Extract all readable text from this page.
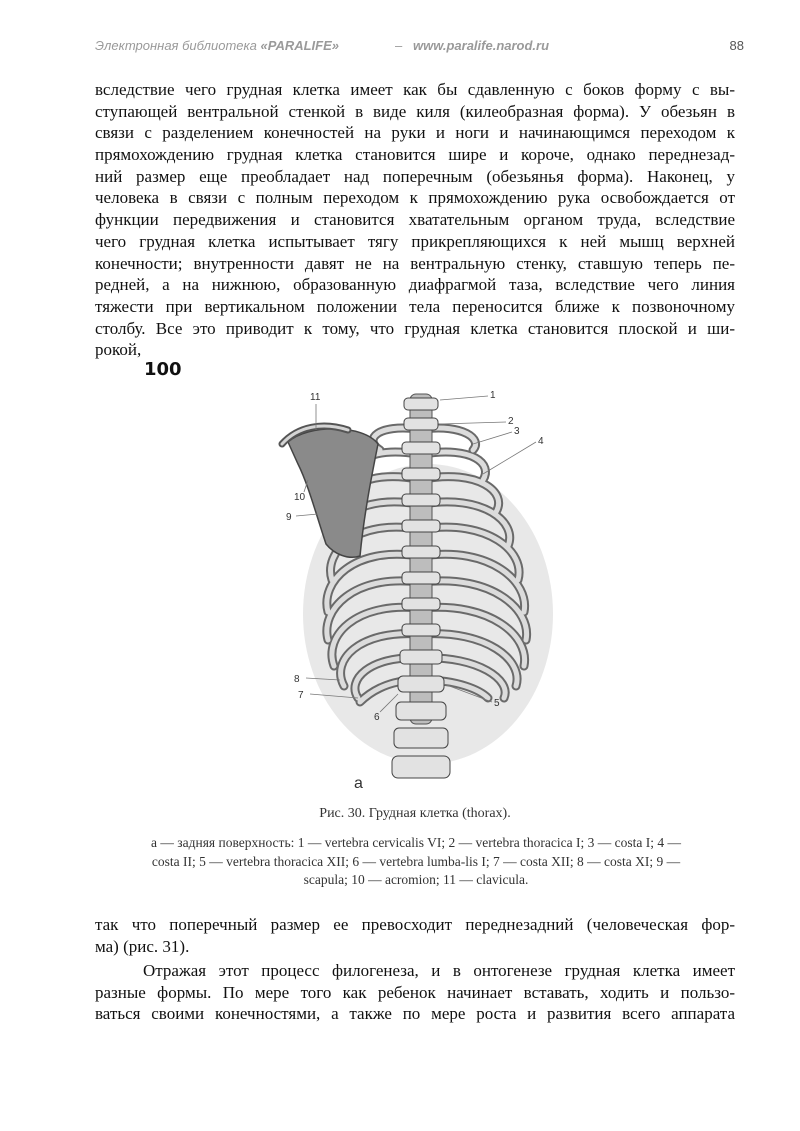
Электронная библиотека «PARALIFE»	– www.paralife.narod.ru	88
вследствие чего грудная клетка имеет как бы сдавленную с боков форму с вы-
ступающей вентральной стенкой в виде киля (килеобразная форма). У обезьян в
связи с разделением конечностей на руки и ноги и начинающимся переходом к
прямохождению грудная клетка становится шире и короче, однако переднезад-
ний размер еще преобладает над поперечным (обезьянья форма). Наконец, у
человека в связи с полным переходом к прямохождению рука освобождается от
функции передвижения и становится хватательным органом труда, вследствие
чего грудная клетка испытывает тягу прикрепляющихся к ней мышц верхней
конечности; внутренности давят не на вентральную стенку, ставшую теперь пе-
редней, а на нижнюю, образованную диафрагмой таза, вследствие чего линия
тяжести при вертикальном положении тела переносится ближе к позвоночному
столбу. Все это приводит к тому, что грудная клетка становится плоской и ши-
рокой,
100
1
2
3
4
5
6
7
8
9
10
11
а
Рис. 30. Грудная клетка (thorax).
а — задняя поверхность: 1 — vertebra cervicalis VI; 2 — vertebra thoracica I; 3 — costa I; 4 —
costa II; 5 — vertebra thoracica XII; 6 — vertebra lumba-lis I; 7 — costa XII; 8 — costa XI; 9 —
scapula; 10 — acromion; 11 — clavicula.
так что поперечный размер ее превосходит переднезадний (человеческая фор-
ма) (рис. 31).
Отражая этот процесс филогенеза, и в онтогенезе грудная клетка имеет
разные формы. По мере того как ребенок начинает вставать, ходить и пользо-
ваться своими конечностями, а также по мере роста и развития всего аппарата
